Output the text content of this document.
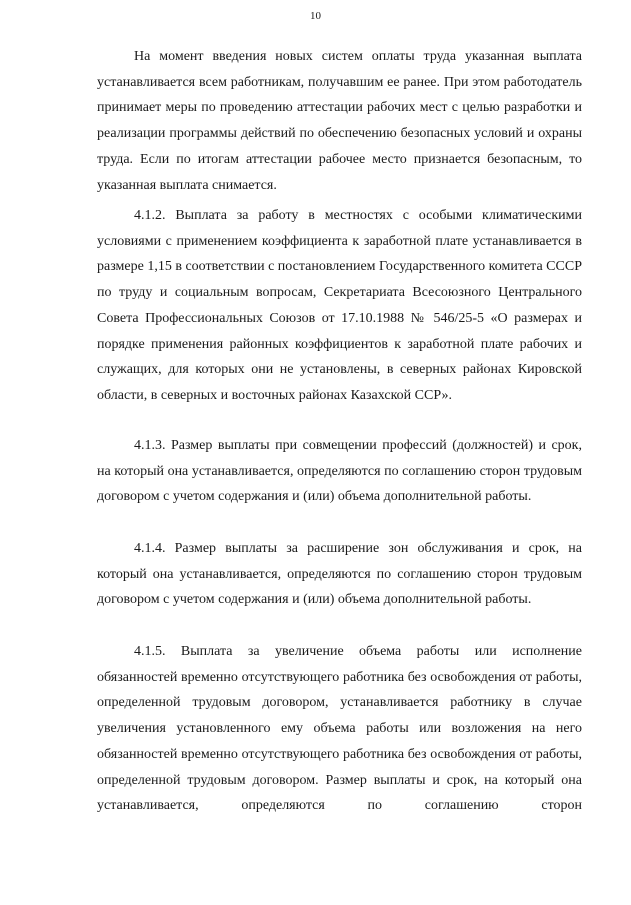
10

На момент введения новых систем оплаты труда указанная выплата устанавливается всем работникам, получавшим ее ранее. При этом работодатель принимает меры по проведению аттестации рабочих мест с целью разработки и реализации программы действий по обеспечению безопасных условий и охраны труда. Если по итогам аттестации рабочее место признается безопасным, то указанная выплата снимается.

4.1.2. Выплата за работу в местностях с особыми климатическими условиями с применением коэффициента к заработной плате устанавливается в размере 1,15 в соответствии с постановлением Государственного комитета СССР по труду и социальным вопросам, Секретариата Всесоюзного Центрального Совета Профессиональных Союзов от 17.10.1988 № 546/25-5 «О размерах и порядке применения районных коэффициентов к заработной плате рабочих и служащих, для которых они не установлены, в северных районах Кировской области, в северных и восточных районах Казахской ССР».

4.1.3. Размер выплаты при совмещении профессий (должностей) и срок, на который она устанавливается, определяются по соглашению сторон трудовым договором с учетом содержания и (или) объема дополнительной работы.

4.1.4. Размер выплаты за расширение зон обслуживания и срок, на который она устанавливается, определяются по соглашению сторон трудовым договором с учетом содержания и (или) объема дополнительной работы.

4.1.5. Выплата за увеличение объема работы или исполнение обязанностей временно отсутствующего работника без освобождения от работы, определенной трудовым договором, устанавливается работнику в случае увеличения установленного ему объема работы или возложения на него обязанностей временно отсутствующего работника без освобождения от работы, определенной трудовым договором. Размер выплаты и срок, на который она устанавливается, определяются по соглашению сторон
